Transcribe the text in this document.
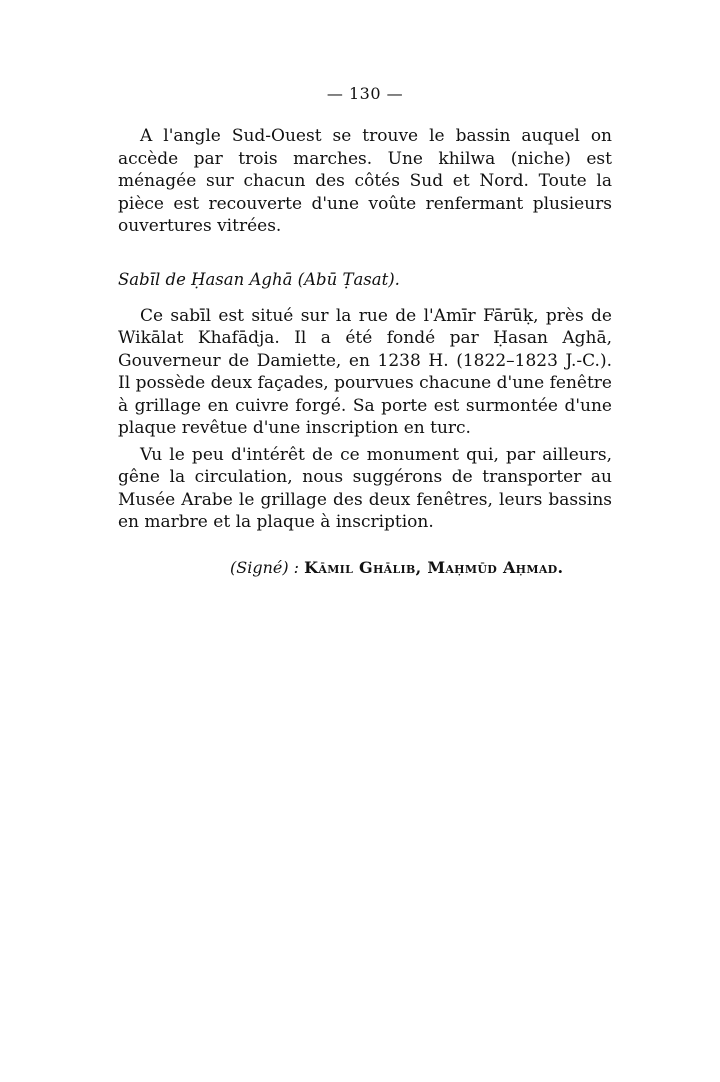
— 130 —

A l'angle Sud-Ouest se trouve le bassin auquel on accède par trois marches. Une khilwa (niche) est ménagée sur chacun des côtés Sud et Nord. Toute la pièce est recouverte d'une voûte renfermant plusieurs ouvertures vitrées.

Sabīl de Ḥasan Aghā (Abū Ṭasat).

Ce sabīl est situé sur la rue de l'Amīr Fārūḳ, près de Wikālat Khafādja. Il a été fondé par Ḥasan Aghā, Gouverneur de Damiette, en 1238 H. (1822–1823 J.-C.). Il possède deux façades, pourvues chacune d'une fenêtre à grillage en cuivre forgé. Sa porte est surmontée d'une plaque revêtue d'une inscription en turc.

Vu le peu d'intérêt de ce monument qui, par ailleurs, gêne la circulation, nous suggérons de transporter au Musée Arabe le grillage des deux fenêtres, leurs bassins en marbre et la plaque à inscription.

(Signé) : Kāmil Ghālib, Maḥmūd Aḥmad.
